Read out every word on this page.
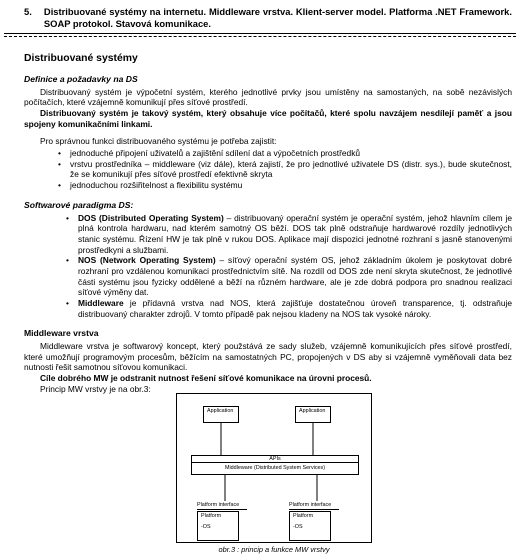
5.	Distribuované systémy na internetu. Middleware vrstva. Klient-server model. Platforma .NET Framework. SOAP protokol. Stavová komunikace.
Distribuované systémy
Definice a požadavky na DS

Distribuovaný systém je výpočetní systém, kterého jednotlivé prvky jsou umístěny na samostaných, na sobě nezávislých počítačích, které vzájemně komunikují přes síťové prostředí.

Distribuovaný systém je takový systém, který obsahuje více počítačů, které spolu navzájem nesdílejí paměť a jsou spojeny komunikačními linkami.

Pro správnou funkci distribuovaného systému je potřeba zajistit:

• jednoduché připojení uživatelů a zajištění sdílení dat a výpočetních prostředků
• vrstvu prostředníka – middleware (viz dále), která zajistí, že pro jednotlivé uživatele DS (distr. sys.), bude skutečnost, že se komunikují přes síťové prostředí efektivně skryta
• jednoduchou rozšiřitelnost a flexibilitu systému
Softwarové paradigma DS:
• DOS (Distributed Operating System) – distribuovaný operační systém je operační systém, jehož hlavním cílem je plná kontrola hardwaru, nad kterém samotný OS běží. DOS tak plně odstraňuje hardwarové rozdíly jednotlivých stanic systému. Řízení HW je tak plně v rukou DOS. Aplikace mají dispozici jednotné rozhraní s jasně stanovenými prostředkyni a službami.
• NOS (Network Operating System) – síťový operační systém OS, jehož základním úkolem je poskytovat dobré rozhraní pro vzdálenou komunikaci prostřednictvím sítě. Na rozdíl od DOS zde není skryta skutečnost, že jednotlivé části systému jsou fyzicky oddělené a běží na různém hardware, ale je zde dobrá podpora pro snadnou realizaci síťové výměny dat.
• Middleware je přídavná vrstva nad NOS, která zajišťuje dostatečnou úroveň transparence, tj. odstraňuje distribuovaný charakter zdrojů. V tomto případě pak nejsou kladeny na NOS tak vysoké nároky.
Middleware vrstva

Middleware vrstva je softwarový koncept, který použstává ze sady služeb, vzájemně komunikujících přes síťové prostředí, které umožňují programovým procesům, běžícím na samostatných PC, propojených v DS aby si vzájemně vyměňovali data bez nutnosti řešit samotnou síťovou komunikaci.

Cíle dobrého MW je odstranit nutnost řešení síťové komunikace na úrovni procesů.

Princip MW vrstvy je na obr.3:

Application	Application
APIs
Middleware (Distributed System Services)
Platform interface	Platform interface
Platform
-OS
Platform
-OS
obr.3 : princip a funkce MW vrstvy
